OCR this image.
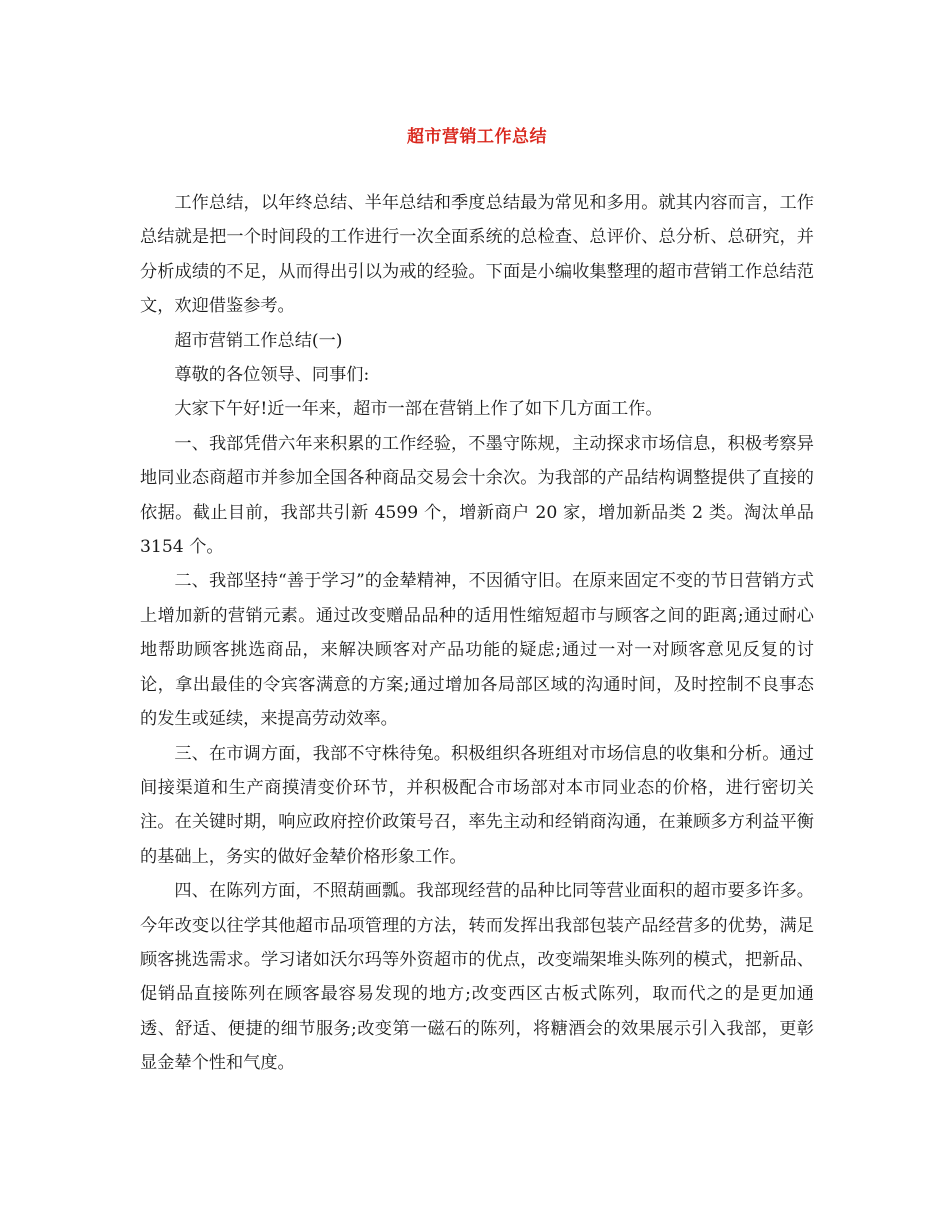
超市营销工作总结

工作总结，以年终总结、半年总结和季度总结最为常见和多用。就其内容而言，工作总结就是把一个时间段的工作进行一次全面系统的总检查、总评价、总分析、总研究，并分析成绩的不足，从而得出引以为戒的经验。下面是小编收集整理的超市营销工作总结范文，欢迎借鉴参考。

超市营销工作总结(一)

尊敬的各位领导、同事们:

大家下午好!近一年来，超市一部在营销上作了如下几方面工作。

一、我部凭借六年来积累的工作经验，不墨守陈规，主动探求市场信息，积极考察异地同业态商超市并参加全国各种商品交易会十余次。为我部的产品结构调整提供了直接的依据。截止目前，我部共引新 4599 个，增新商户 20 家，增加新品类 2 类。淘汰单品 3154 个。

二、我部坚持“善于学习”的金辇精神，不因循守旧。在原来固定不变的节日营销方式上增加新的营销元素。通过改变赠品品种的适用性缩短超市与顾客之间的距离;通过耐心地帮助顾客挑选商品，来解决顾客对产品功能的疑虑;通过一对一对顾客意见反复的讨论，拿出最佳的令宾客满意的方案;通过增加各局部区域的沟通时间，及时控制不良事态的发生或延续，来提高劳动效率。

三、在市调方面，我部不守株待兔。积极组织各班组对市场信息的收集和分析。通过间接渠道和生产商摸清变价环节，并积极配合市场部对本市同业态的价格，进行密切关注。在关键时期，响应政府控价政策号召，率先主动和经销商沟通，在兼顾多方利益平衡的基础上，务实的做好金辇价格形象工作。

四、在陈列方面，不照葫画瓢。我部现经营的品种比同等营业面积的超市要多许多。今年改变以往学其他超市品项管理的方法，转而发挥出我部包装产品经营多的优势，满足顾客挑选需求。学习诸如沃尔玛等外资超市的优点，改变端架堆头陈列的模式，把新品、促销品直接陈列在顾客最容易发现的地方;改变西区古板式陈列，取而代之的是更加通透、舒适、便捷的细节服务;改变第一磁石的陈列，将糖酒会的效果展示引入我部，更彰显金辇个性和气度。
